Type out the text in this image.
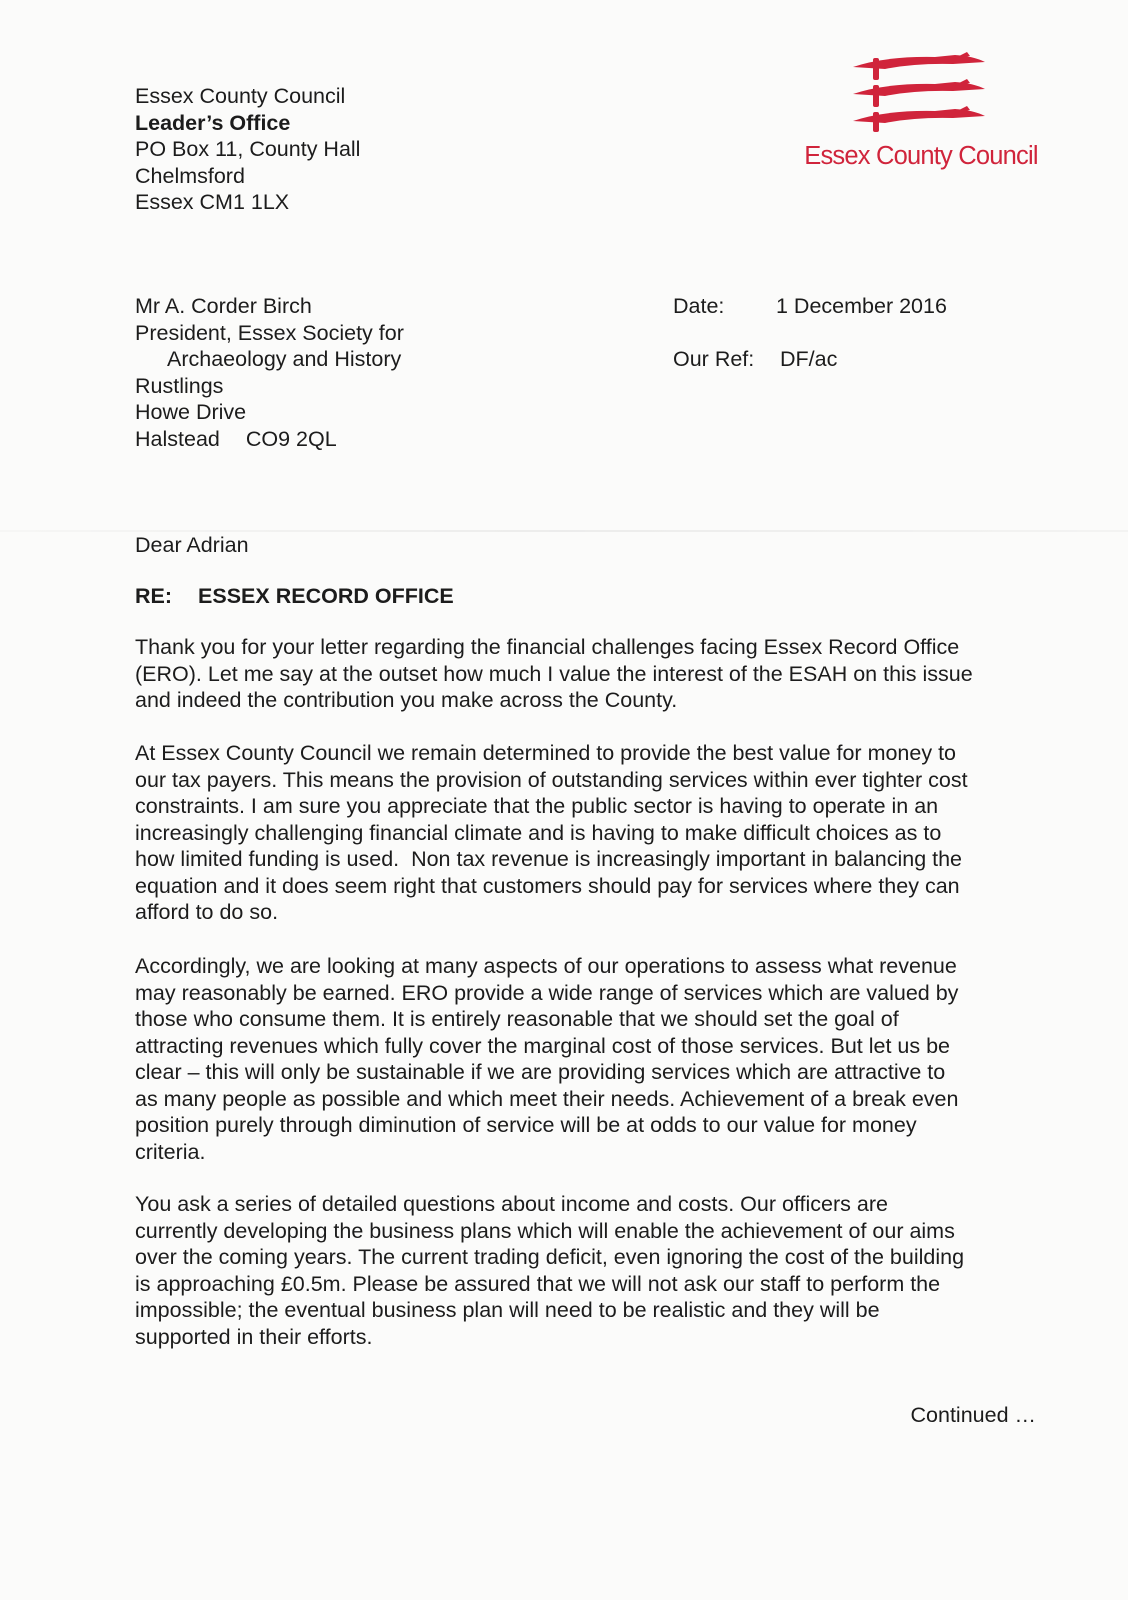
Essex County Council
Leader’s Office
PO Box 11, County Hall
Chelmsford
Essex CM1 1LX
Essex County Council
Mr A. Corder Birch
President, Essex Society for
Archaeology and History
Rustlings
Howe Drive
Halstead CO9 2QL
Date: 1 December 2016
Our Ref: DF/ac
Dear Adrian
RE: ESSEX RECORD OFFICE
Thank you for your letter regarding the financial challenges facing Essex Record Office
(ERO). Let me say at the outset how much I value the interest of the ESAH on this issue
and indeed the contribution you make across the County.
At Essex County Council we remain determined to provide the best value for money to
our tax payers. This means the provision of outstanding services within ever tighter cost
constraints. I am sure you appreciate that the public sector is having to operate in an
increasingly challenging financial climate and is having to make difficult choices as to
how limited funding is used.  Non tax revenue is increasingly important in balancing the
equation and it does seem right that customers should pay for services where they can
afford to do so.
Accordingly, we are looking at many aspects of our operations to assess what revenue
may reasonably be earned. ERO provide a wide range of services which are valued by
those who consume them. It is entirely reasonable that we should set the goal of
attracting revenues which fully cover the marginal cost of those services. But let us be
clear – this will only be sustainable if we are providing services which are attractive to
as many people as possible and which meet their needs. Achievement of a break even
position purely through diminution of service will be at odds to our value for money
criteria.
You ask a series of detailed questions about income and costs. Our officers are
currently developing the business plans which will enable the achievement of our aims
over the coming years. The current trading deficit, even ignoring the cost of the building
is approaching £0.5m. Please be assured that we will not ask our staff to perform the
impossible; the eventual business plan will need to be realistic and they will be
supported in their efforts.
Continued …
